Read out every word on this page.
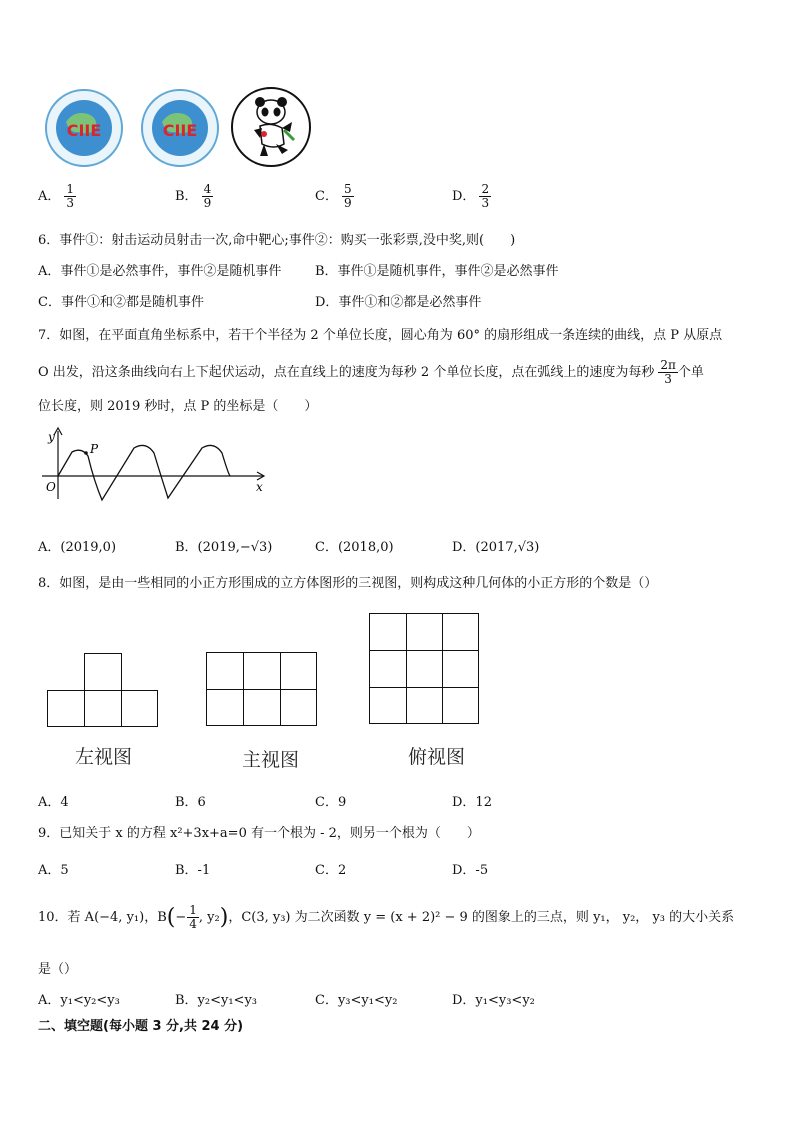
CIIE	CIIE
A． $\frac{1}{3}$	B． $\frac{4}{9}$	C． $\frac{5}{9}$	D． $\frac{2}{3}$
6．事件①：射击运动员射击一次,命中靶心;事件②：购买一张彩票,没中奖,则(　　)
A．事件①是必然事件，事件②是随机事件	B．事件①是随机事件，事件②是必然事件
C．事件①和②都是随机事件	D．事件①和②都是必然事件
7．如图，在平面直角坐标系中，若干个半径为 2 个单位长度，圆心角为 60° 的扇形组成一条连续的曲线，点 P 从原点
O 出发，沿这条曲线向右上下起伏运动，点在直线上的速度为每秒 2 个单位长度，点在弧线上的速度为每秒 $\frac{2\pi}{3}$ 个单
位长度，则 2019 秒时，点 P 的坐标是（　　）
y
x
O
P
A．(2019,0)	B．(2019,−√3)	C．(2018,0)	D．(2017,√3)
8．如图，是由一些相同的小正方形围成的立方体图形的三视图，则构成这种几何体的小正方形的个数是（）
左视图	主视图	俯视图
A．4	B．6	C．9	D．12
9．已知关于 x 的方程 x²+3x+a=0 有一个根为 - 2，则另一个根为（　　）
A．5	B．-1	C．2	D．-5
10．若 A(−4, y₁)，$B(- \frac{1}{4}$ , y₂)，C(3, y₃) 为二次函数 y = (x + 2)² − 9 的图象上的三点，则 y₁， y₂， y₃ 的大小关系
是（）
A．y₁<y₂<y₃	B．y₂<y₁<y₃	C．y₃<y₁<y₂	D．y₁<y₃<y₂
二、填空题(每小题 3 分,共 24 分)
